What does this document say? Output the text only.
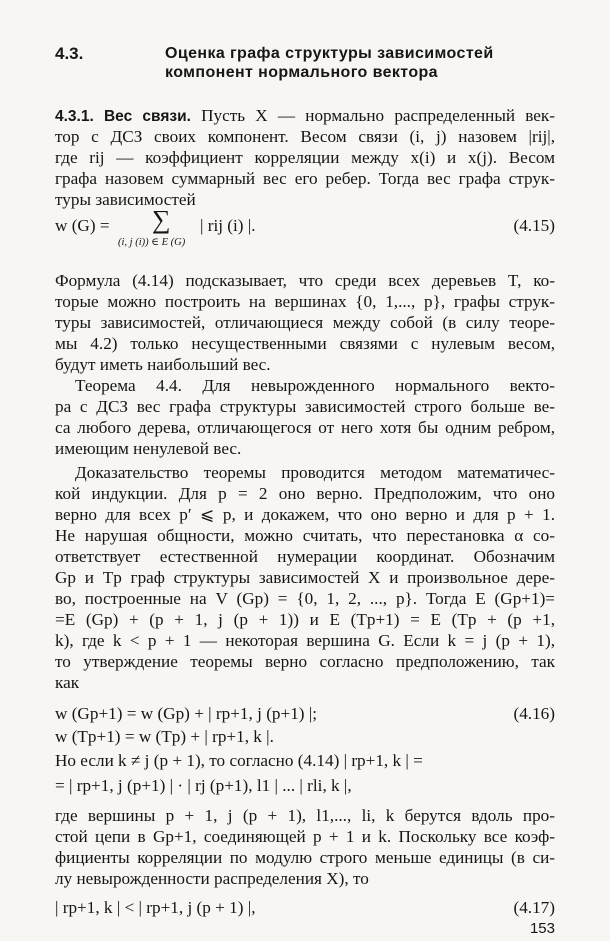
4.3.	Оценка графа структуры зависимостей
компонент нормального вектора
4.3.1. Вес связи. Пусть X — нормально распределенный век-
тор с ДСЗ своих компонент. Весом связи (i, j) назовем |rij|,
где rij — коэффициент корреляции между x(i) и x(j). Весом
графа назовем суммарный вес его ребер. Тогда вес графа струк-
туры зависимостей
w (G) = ∑ | rij (i) |.
(i, j (i)) ∈ E (G)
(4.15)
Формула (4.14) подсказывает, что среди всех деревьев T, ко-
торые можно построить на вершинах {0, 1,..., p}, графы струк-
туры зависимостей, отличающиеся между собой (в силу теоре-
мы 4.2) только несущественными связями с нулевым весом,
будут иметь наибольший вес.
Теорема 4.4. Для невырожденного нормального векто-
ра с ДСЗ вес графа структуры зависимостей строго больше ве-
са любого дерева, отличающегося от него хотя бы одним ребром,
имеющим ненулевой вес.
Доказательство теоремы проводится методом математичес-
кой индукции. Для p = 2 оно верно. Предположим, что оно
верно для всех p′ ⩽ p, и докажем, что оно верно и для p + 1.
Не нарушая общности, можно считать, что перестановка α со-
ответствует естественной нумерации координат. Обозначим
Gp и Tp граф структуры зависимостей X и произвольное дере-
во, построенные на V (Gp) = {0, 1, 2, ..., p}. Тогда E (Gp+1)=
=E (Gp) + (p + 1, j (p + 1)) и E (Tp+1) = E (Tp + (p +1,
k), где k < p + 1 — некоторая вершина G. Если k = j (p + 1),
то утверждение теоремы верно согласно предположению, так
как
w (Gp+1) = w (Gp) + | rp+1, j (p+1) |;	(4.16)
w (Tp+1) = w (Tp) + | rp+1, k |.
Но если k ≠ j (p + 1), то согласно (4.14) | rp+1, k | =
= | rp+1, j (p+1) | · | rj (p+1), l1 | ... | rli, k |,
где вершины p + 1, j (p + 1), l1,..., li, k берутся вдоль про-
стой цепи в Gp+1, соединяющей p + 1 и k. Поскольку все коэф-
фициенты корреляции по модулю строго меньше единицы (в си-
лу невырожденности распределения X), то
| rp+1, k | < | rp+1, j (p + 1) |,	(4.17)
153
